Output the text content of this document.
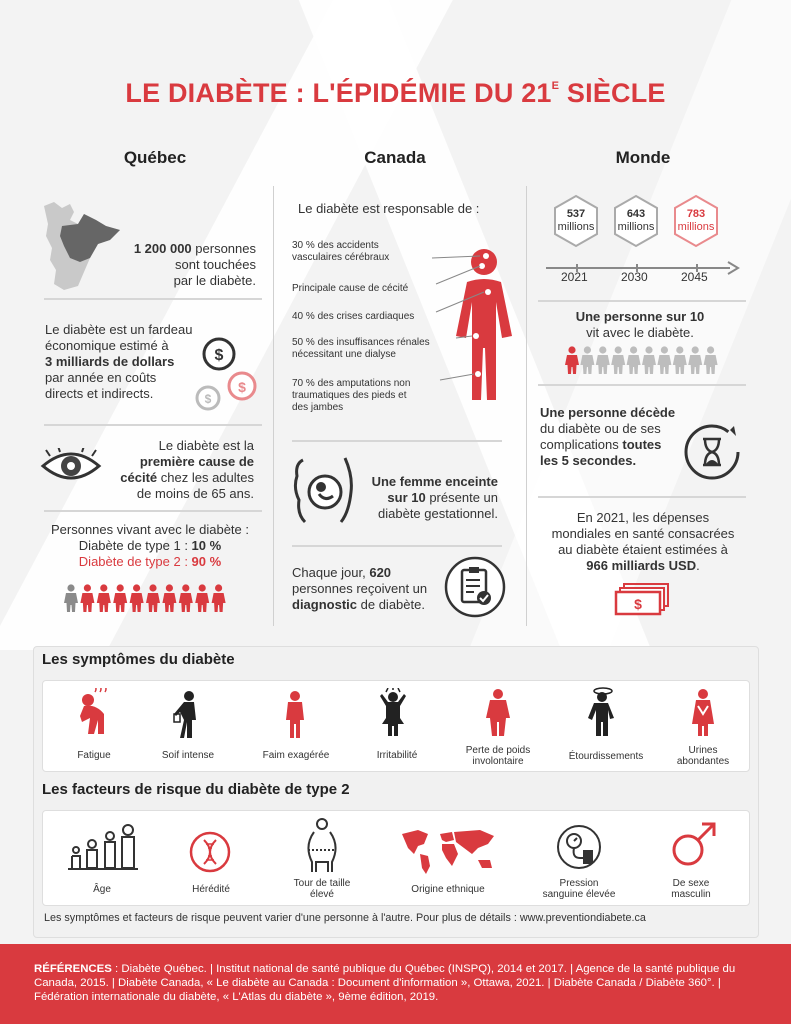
LE DIABÈTE : L'ÉPIDÉMIE DU $21^E$ SIÈCLE
Québec	Canada	Monde
1 200 000 personnes
sont touchées
par le diabète.
Le diabète est un fardeau
économique estimé à
3 milliards de dollars
par année en coûts
directs et indirects.
$
$
$
Le diabète est la
première cause de
cécité chez les adultes
de moins de 65 ans.
Personnes vivant avec le diabète :
Diabète de type 1 : 10 %
Diabète de type 2 : 90 %
Le diabète est responsable de :
30 % des accidents
vasculaires cérébraux
Principale cause de cécité
40 % des crises cardiaques
50 % des insuffisances rénales
nécessitant une dialyse
70 % des amputations non
traumatiques des pieds et
des jambes
Une femme enceinte
sur 10 présente un
diabète gestationnel.
Chaque jour, 620
personnes reçoivent un
diagnostic de diabète.
537
millions
2021
643
millions
2030
783
millions
2045
Une personne sur 10
vit avec le diabète.
Une personne décède
du diabète ou de ses
complications toutes
les 5 secondes.
En 2021, les dépenses
mondiales en santé consacrées
au diabète étaient estimées à
966 milliards USD.
$
Les symptômes du diabète
Fatigue	Soif intense	Faim exagérée	Irritabilité	Perte de poids
involontaire	Étourdissements
Urines
abondantes
Les facteurs de risque du diabète de type 2
Âge	Hérédité
Tour de taille
élevé	Origine ethnique
Pression
sanguine élevée
De sexe
masculin
Les symptômes et facteurs de risque peuvent varier d'une personne à l'autre. Pour plus de détails : www.preventiondiabete.ca
RÉFÉRENCES : Diabète Québec. | Institut national de santé publique du Québec (INSPQ), 2014 et 2017. | Agence de la santé publique du Canada, 2015. | Diabète Canada, « Le diabète au Canada : Document d'information », Ottawa, 2021. | Diabète Canada / Diabète 360°. | Fédération internationale du diabète, « L'Atlas du diabète », 9ème édition, 2019.
